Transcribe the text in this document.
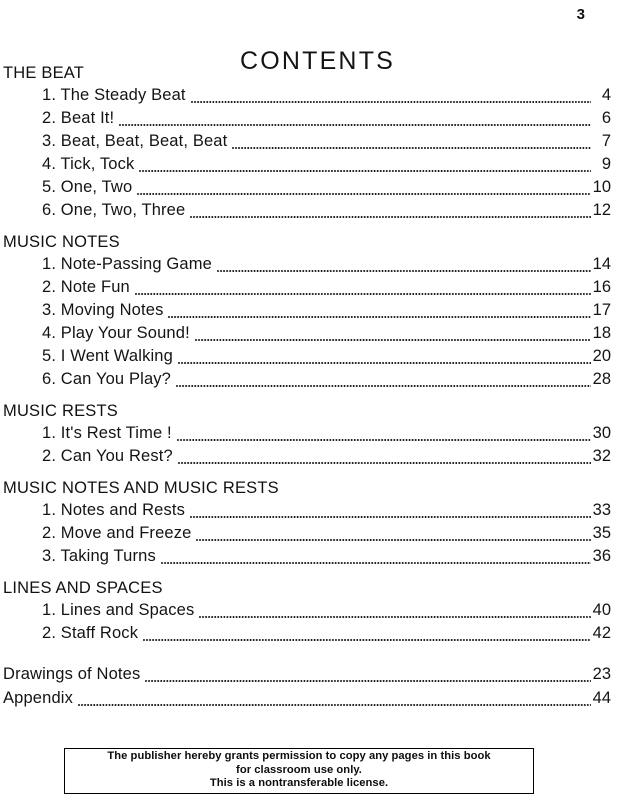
3
CONTENTS
THE BEAT
1. The Steady Beat	4
2. Beat It!	6
3. Beat, Beat, Beat, Beat	7
4. Tick, Tock	9
5. One, Two	10
6. One, Two, Three	12
MUSIC NOTES
1. Note-Passing Game	14
2. Note Fun	16
3. Moving Notes	17
4. Play Your Sound!	18
5. I Went Walking	20
6. Can You Play?	28
MUSIC RESTS
1. It's Rest Time !	30
2. Can You Rest?	32
MUSIC NOTES AND MUSIC RESTS
1. Notes and Rests	33
2. Move and Freeze	35
3. Taking Turns	36
LINES AND SPACES
1. Lines and Spaces	40
2. Staff Rock	42
Drawings of Notes	23
Appendix	44
The publisher hereby grants permission to copy any pages in this book
for classroom use only.
This is a nontransferable license.
